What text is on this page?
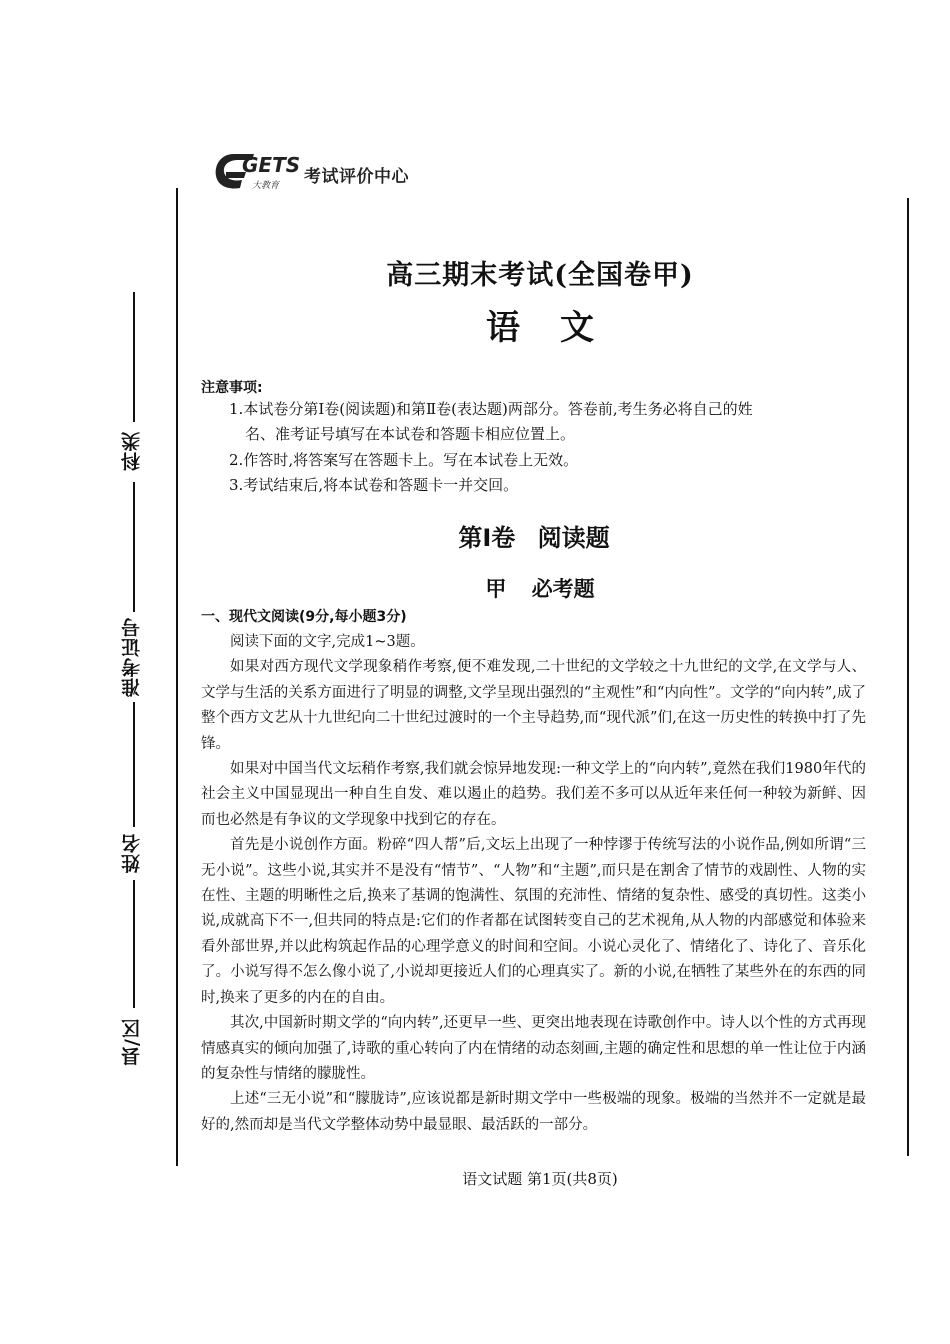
GETS
大教育 考试评价中心
科类
准考证号
姓名
县/区
高三期末考试(全国卷甲)
语文
注意事项:
1.本试卷分第Ⅰ卷(阅读题)和第Ⅱ卷(表达题)两部分。答卷前,考生务必将自己的姓
名、准考证号填写在本试卷和答题卡相应位置上。
2.作答时,将答案写在答题卡上。写在本试卷上无效。
3.考试结束后,将本试卷和答题卡一并交回。
第Ⅰ卷 阅读题
甲 必考题
一、现代文阅读(9分,每小题3分)

阅读下面的文字,完成1~3题。

如果对西方现代文学现象稍作考察,便不难发现,二十世纪的文学较之十九世纪的文学,在文学与人、文学与生活的关系方面进行了明显的调整,文学呈现出强烈的“主观性”和“内向性”。文学的“向内转”,成了整个西方文艺从十九世纪向二十世纪过渡时的一个主导趋势,而“现代派”们,在这一历史性的转换中打了先锋。

如果对中国当代文坛稍作考察,我们就会惊异地发现:一种文学上的“向内转”,竟然在我们1980年代的社会主义中国显现出一种自生自发、难以遏止的趋势。我们差不多可以从近年来任何一种较为新鲜、因而也必然是有争议的文学现象中找到它的存在。

首先是小说创作方面。粉碎“四人帮”后,文坛上出现了一种悖谬于传统写法的小说作品,例如所谓“三无小说”。这些小说,其实并不是没有“情节”、“人物”和“主题”,而只是在割舍了情节的戏剧性、人物的实在性、主题的明晰性之后,换来了基调的饱满性、氛围的充沛性、情绪的复杂性、感受的真切性。这类小说,成就高下不一,但共同的特点是:它们的作者都在试图转变自己的艺术视角,从人物的内部感觉和体验来看外部世界,并以此构筑起作品的心理学意义的时间和空间。小说心灵化了、情绪化了、诗化了、音乐化了。小说写得不怎么像小说了,小说却更接近人们的心理真实了。新的小说,在牺牲了某些外在的东西的同时,换来了更多的内在的自由。

其次,中国新时期文学的“向内转”,还更早一些、更突出地表现在诗歌创作中。诗人以个性的方式再现情感真实的倾向加强了,诗歌的重心转向了内在情绪的动态刻画,主题的确定性和思想的单一性让位于内涵的复杂性与情绪的朦胧性。

上述“三无小说”和“朦胧诗”,应该说都是新时期文学中一些极端的现象。极端的当然并不一定就是最好的,然而却是当代文学整体动势中最显眼、最活跃的一部分。

语文试题 第1页(共8页)
